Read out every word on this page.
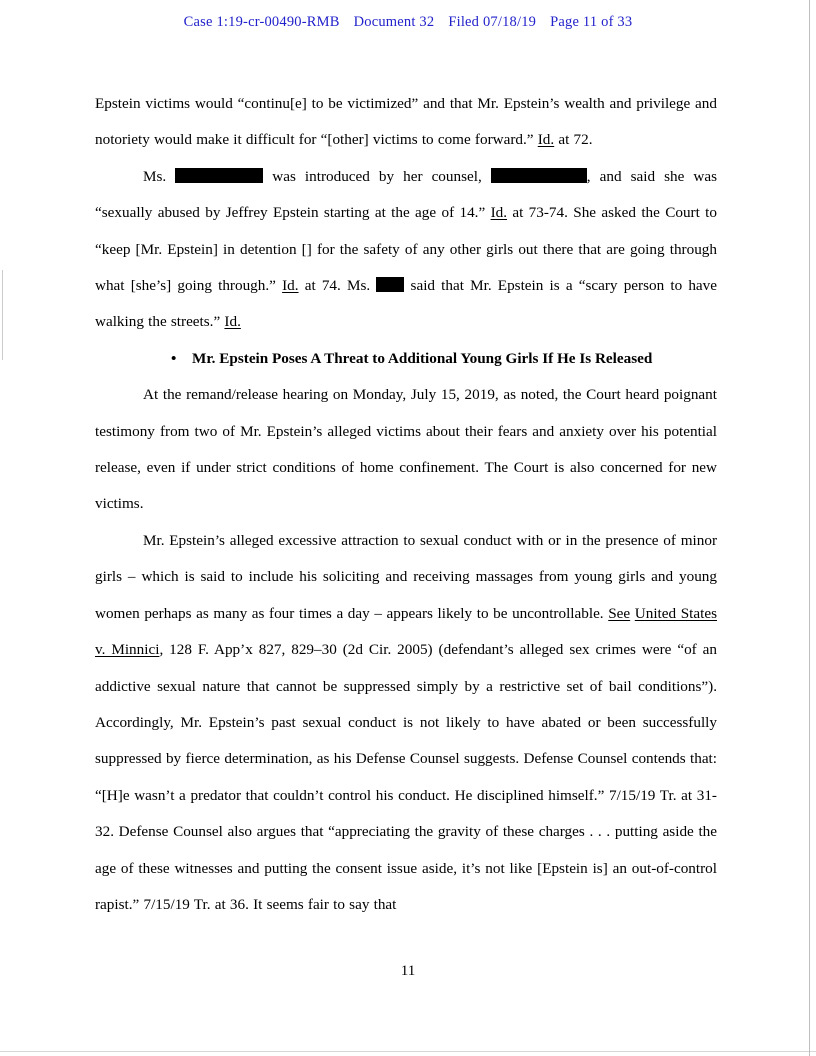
Case 1:19-cr-00490-RMB Document 32 Filed 07/18/19 Page 11 of 33

Epstein victims would “continu[e] to be victimized” and that Mr. Epstein’s wealth and privilege and notoriety would make it difficult for “[other] victims to come forward.” Id. at 72.

Ms.	was introduced by her counsel,	, and said she was “sexually abused by Jeffrey Epstein starting at the age of 14.” Id. at 73-74. She asked the Court to “keep [Mr. Epstein] in detention [] for the safety of any other girls out there that are going through what [she’s] going through.” Id. at 74. Ms.  said that Mr. Epstein is a “scary person to have walking the streets.” Id.

• Mr. Epstein Poses A Threat to Additional Young Girls If He Is Released

At the remand/release hearing on Monday, July 15, 2019, as noted, the Court heard poignant testimony from two of Mr. Epstein’s alleged victims about their fears and anxiety over his potential release, even if under strict conditions of home confinement. The Court is also concerned for new victims.

Mr. Epstein’s alleged excessive attraction to sexual conduct with or in the presence of minor girls – which is said to include his soliciting and receiving massages from young girls and young women perhaps as many as four times a day – appears likely to be uncontrollable. See United States v. Minnici, 128 F. App’x 827, 829–30 (2d Cir. 2005) (defendant’s alleged sex crimes were “of an addictive sexual nature that cannot be suppressed simply by a restrictive set of bail conditions”). Accordingly, Mr. Epstein’s past sexual conduct is not likely to have abated or been successfully suppressed by fierce determination, as his Defense Counsel suggests. Defense Counsel contends that: “[H]e wasn’t a predator that couldn’t control his conduct. He disciplined himself.” 7/15/19 Tr. at 31-32. Defense Counsel also argues that “appreciating the gravity of these charges . . . putting aside the age of these witnesses and putting the consent issue aside, it’s not like [Epstein is] an out-of-control rapist.” 7/15/19 Tr. at 36. It seems fair to say that

11
